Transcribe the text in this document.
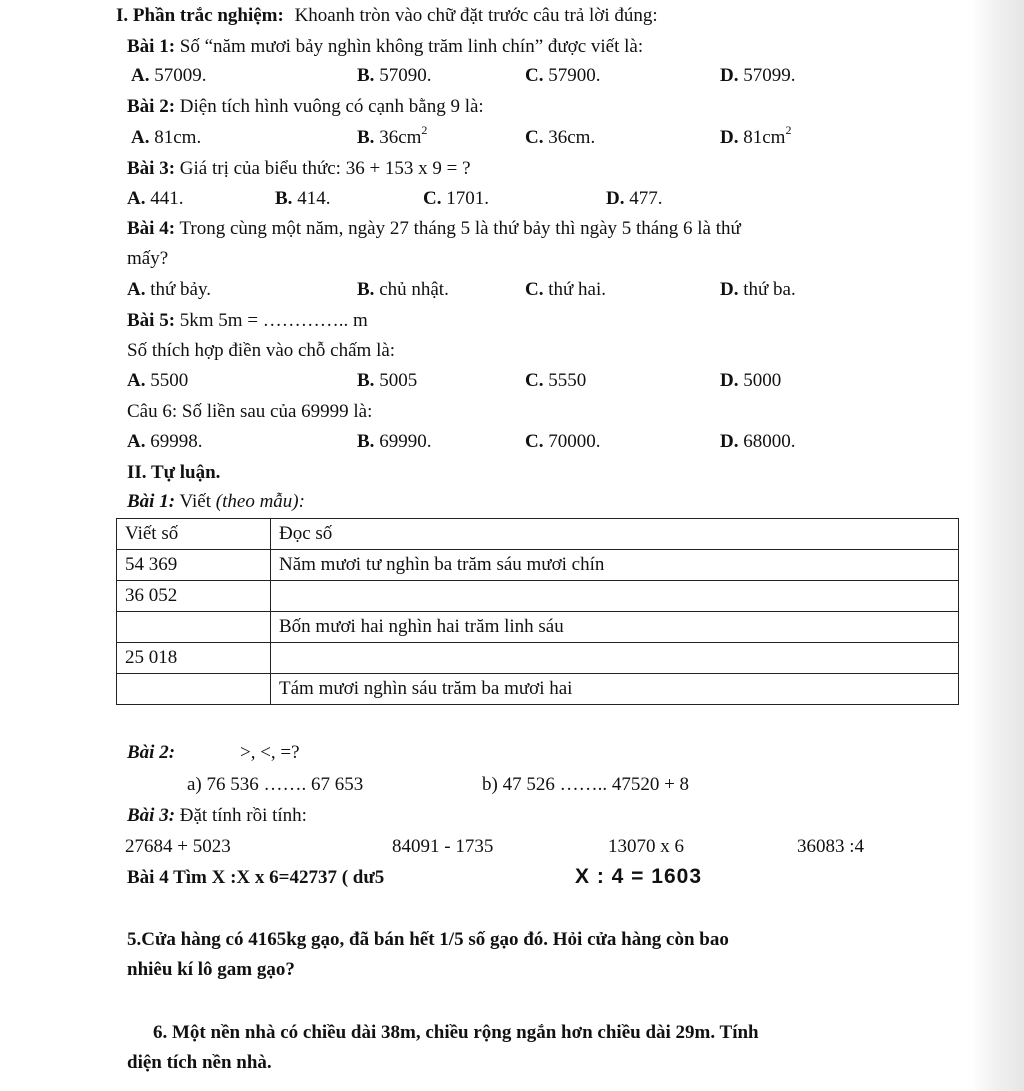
I. Phần trắc nghiệm: Khoanh tròn vào chữ đặt trước câu trả lời đúng:
Bài 1: Số “năm mươi bảy nghìn không trăm linh chín” được viết là:
A. 57009.	B. 57090.	C. 57900.	D. 57099.
Bài 2: Diện tích hình vuông có cạnh bằng 9 là:
A. 81cm.	B. $36cm^2$	C. 36cm.	D. $81cm^2$
Bài 3: Giá trị của biểu thức: 36 + 153 x 9 = ?
A. 441.	B. 414.	C. 1701.	D. 477.
Bài 4: Trong cùng một năm, ngày 27 tháng 5 là thứ bảy thì ngày 5 tháng 6 là thứ
mấy?
A. thứ bảy.	B. chủ nhật.	C. thứ hai.	D. thứ ba.
Bài 5: 5km 5m = ………….. m
Số thích hợp điền vào chỗ chấm là:
A. 5500	B. 5005	C. 5550	D. 5000
Câu 6: Số liền sau của 69999 là:
A. 69998.	B. 69990.	C. 70000.	D. 68000.
II. Tự luận.
Bài 1: Viết (theo mẫu):
Viết số	Đọc số
54 369	Năm mươi tư nghìn ba trăm sáu mươi chín
36 052	
	Bốn mươi hai nghìn hai trăm linh sáu
25 018	
	Tám mươi nghìn sáu trăm ba mươi hai
Bài 2:	>, <, =?
a) 76 536 ……. 67 653	b) 47 526 …….. 47520 + 8
Bài 3: Đặt tính rồi tính:
27684 + 5023	84091 - 1735	13070 x 6	36083 :4
Bài 4 Tìm X :X x 6=42737 ( dư5	X : 4 = 1603
5.Cửa hàng có 4165kg gạo, đã bán hết 1/5 số gạo đó. Hỏi cửa hàng còn bao
nhiêu kí lô gam gạo?
6. Một nền nhà có chiều dài 38m, chiều rộng ngắn hơn chiều dài 29m. Tính
diện tích nền nhà.
